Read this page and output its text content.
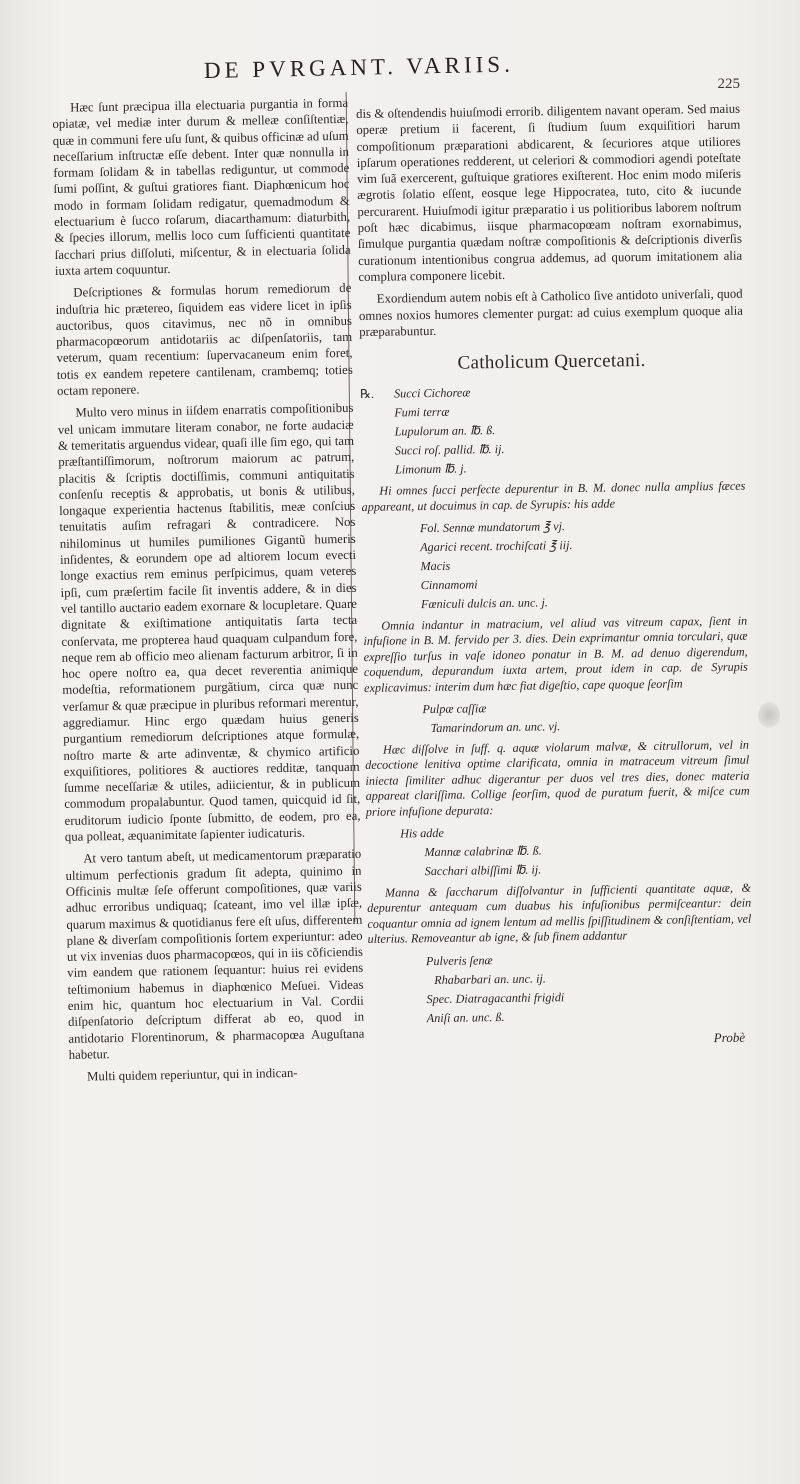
DE PVRGANT. VARIIS.
225

Hæc ſunt præcipua illa electuaria purgantia in forma opiatæ, vel mediæ inter durum & melleæ conſiſtentiæ, quæ in communi fere uſu ſunt, & quibus officinæ ad uſum neceſſarium inſtructæ eſſe debent. Inter quæ nonnulla in formam ſolidam & in tabellas rediguntur, ut commode ſumi poſſint, & guſtui gratiores fiant. Diaphœnicum hoc modo in formam ſolidam redigatur, quemadmodum & electuarium è ſucco roſarum, diacarthamum: diaturbith, & ſpecies illorum, mellis loco cum ſufficienti quantitate ſacchari prius diſſoluti, miſcentur, & in electuaria ſolida iuxta artem coquuntur.

Deſcriptiones & formulas horum remediorum de induſtria hic prætereo, ſiquidem eas videre licet in ipſis auctoribus, quos citavimus, nec nõ in omnibus pharmacopœorum antidotariis ac diſpenſatoriis, tam veterum, quam recentium: ſupervacaneum enim foret, totis ex eandem repetere cantilenam, crambemq; toties octam reponere.

Multo vero minus in iiſdem enarratis compoſitionibus vel unicam immutare literam conabor, ne forte audaciæ & temeritatis arguendus videar, quaſi ille ſim ego, qui tam præſtantiſſimorum, noſtrorum maiorum ac patrum, placitis & ſcriptis doctiſſimis, communi antiquitatis conſenſu receptis & approbatis, ut bonis & utilibus, longaque experientia hactenus ſtabilitis, meæ conſcius tenuitatis auſim refragari & contradicere. Nos nihilominus ut humiles pumiliones Gigantũ humeris inſidentes, & eorundem ope ad altiorem locum evecti longe exactius rem eminus perſpicimus, quam veteres ipſi, cum præſertim facile ſit inventis addere, & in dies vel tantillo auctario eadem exornare & locupletare. Quare dignitate & exiſtimatione antiquitatis ſarta tecta conſervata, me propterea haud quaquam culpandum fore, neque rem ab officio meo alienam facturum arbitror, ſi in hoc opere noſtro ea, qua decet reverentia animique modeſtia, reformationem purgãtium, circa quæ nunc verſamur & quæ præcipue in pluribus reformari merentur, aggrediamur. Hinc ergo quædam huius generis purgantium remediorum deſcriptiones atque formulæ, noſtro marte & arte adinventæ, & chymico artificio exquiſitiores, politiores & auctiores redditæ, tanquam ſumme neceſſariæ & utiles, adiicientur, & in publicum commodum propalabuntur. Quod tamen, quicquid id ſit, eruditorum iudicio ſponte ſubmitto, de eodem, pro ea, qua polleat, æquanimitate ſapienter iudicaturis.

At vero tantum abeſt, ut medicamentorum præparatio ultimum perfectionis gradum ſit adepta, quinimo in Officinis multæ ſeſe offerunt compoſitiones, quæ variis adhuc erroribus undiquaq; ſcateant, imo vel illæ ipſæ, quarum maximus & quotidianus fere eſt uſus, differentem plane & diverſam compoſitionis ſortem experiuntur: adeo ut vix invenias duos pharmacopœos, qui in iis cõficiendis vim eandem que rationem ſequantur: huius rei evidens teſtimonium habemus in diaphœnico Meſuei. Videas enim hic, quantum hoc electuarium in Val. Cordii diſpenſatorio deſcriptum differat ab eo, quod in antidotario Florentinorum, & pharmacopœa Auguſtana habetur.

Multi quidem reperiuntur, qui in indican-

dis & oſtendendis huiuſmodi errorib. diligentem navant operam. Sed maius operæ pretium ii facerent, ſi ſtudium ſuum exquiſitiori harum compoſitionum præparationi abdicarent, & ſecuriores atque utiliores ipſarum operationes redderent, ut celeriori & commodiori agendi poteſtate vim ſuã exercerent, guſtuique gratiores exiſterent. Hoc enim modo miſeris ægrotis ſolatio eſſent, eosque lege Hippocratea, tuto, cito & iucunde percurarent. Huiuſmodi igitur præparatio i us politioribus laborem noſtrum poſt hæc dicabimus, iisque pharmacopœam noſtram exornabimus, ſimulque purgantia quædam noſtræ compoſitionis & deſcriptionis diverſis curationum intentionibus congrua addemus, ad quorum imitationem alia complura componere licebit.

Exordiendum autem nobis eſt à Catholico ſive antidoto univerſali, quod omnes noxios humores clementer purgat: ad cuius exemplum quoque alia præparabuntur.

Catholicum Quercetani.
℞. Succi Cichoreæ
Fumi terræ
Lupulorum an. ℔. ß.
Succi roſ. pallid. ℔. ij.
Limonum ℔. j.

Hi omnes ſucci perfecte depurentur in B. M. donec nulla amplius fæces appareant, ut docuimus in cap. de Syrupis: his adde

Fol. Sennæ mundatorum ℥ vj.
Agarici recent. trochiſcati ℥ iij.
Macis
Cinnamomi
Fœniculi dulcis an. unc. j.

Omnia indantur in matracium, vel aliud vas vitreum capax, ſient in infuſione in B. M. fervido per 3. dies. Dein exprimantur omnia torculari, quæ expreſſio turſus in vaſe idoneo ponatur in B. M. ad denuo digerendum, coquendum, depurandum iuxta artem, prout idem in cap. de Syrupis explicavimus: interim dum hæc fiat digeſtio, cape quoque ſeorſim

Pulpæ caſſiæ
Tamarindorum an. unc. vj.

Hæc diſſolve in ſuff. q. aquæ violarum malvæ, & citrullorum, vel in decoctione lenitiva optime clarificata, omnia in matraceum vitreum ſimul iniecta ſimiliter adhuc digerantur per duos vel tres dies, donec materia appareat clariſſima. Collige ſeorſim, quod de puratum fuerit, & miſce cum priore infuſione depurata:

His adde
Mannæ calabrinæ ℔. ß.
Sacchari albiſſimi ℔. ij.

Manna & ſaccharum diſſolvantur in ſufficienti quantitate aquæ, & depurentur antequam cum duabus his infuſionibus permiſceantur: dein coquantur omnia ad ignem lentum ad mellis ſpiſſitudinem & conſiſtentiam, vel ulterius. Removeantur ab igne, & ſub finem addantur

Pulveris ſenæ
Rhabarbari an. unc. ij.
Spec. Diatragacanthi frigidi
Aniſi an. unc. ß.
Probè
